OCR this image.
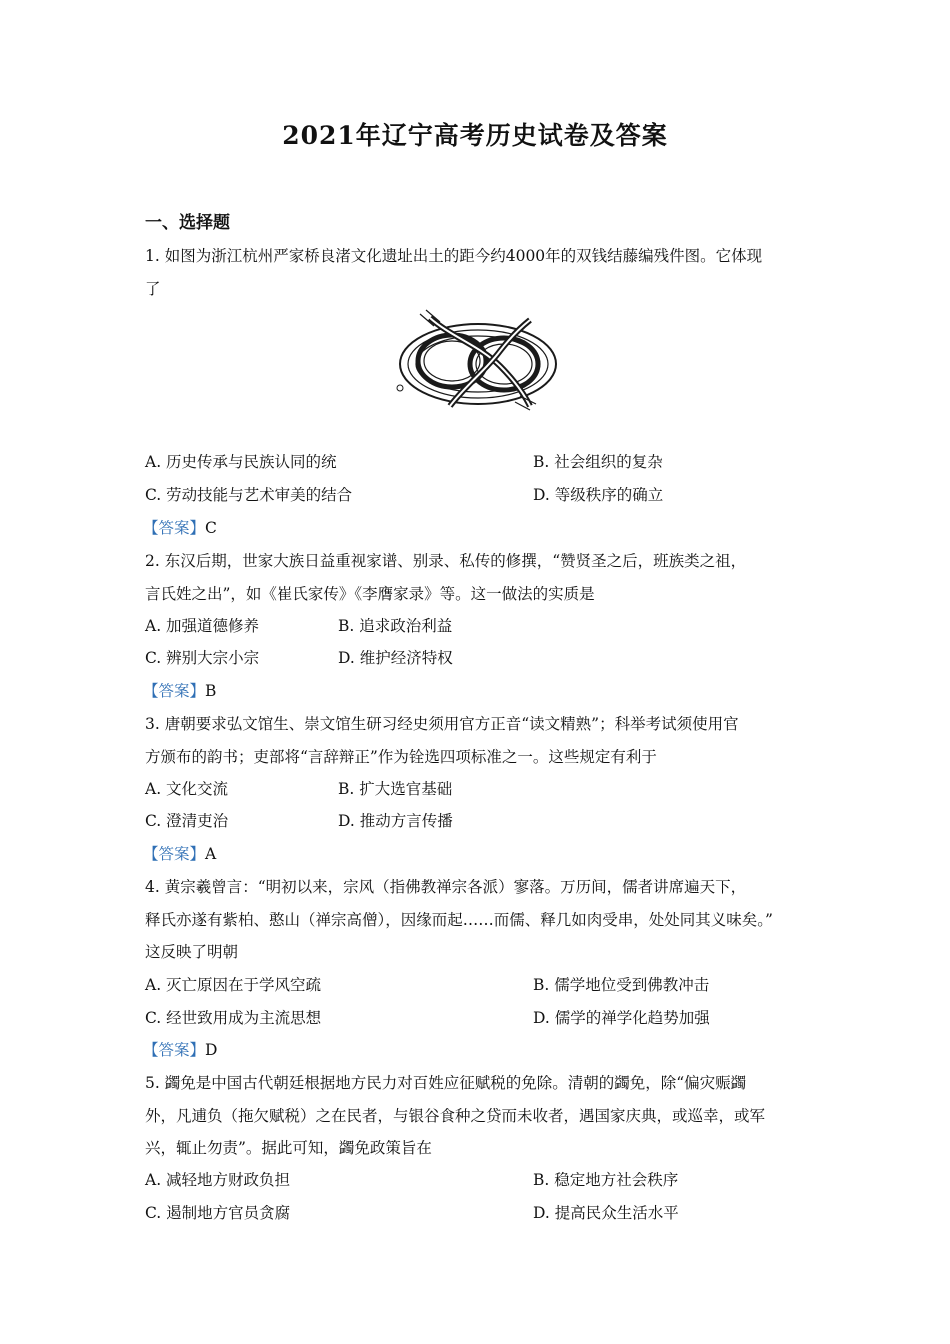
2021年辽宁高考历史试卷及答案
一、选择题
1. 如图为浙江杭州严家桥良渚文化遗址出土的距今约4000年的双钱结藤编残件图。它体现
了
A. 历史传承与民族认同的统	B. 社会组织的复杂
C. 劳动技能与艺术审美的结合	D. 等级秩序的确立
【答案】C
2. 东汉后期，世家大族日益重视家谱、别录、私传的修撰，“赞贤圣之后，班族类之祖，
言氏姓之出”，如《崔氏家传》《李膺家录》等。这一做法的实质是
A. 加强道德修养	B. 追求政治利益
C. 辨别大宗小宗	D. 维护经济特权
【答案】B
3. 唐朝要求弘文馆生、崇文馆生研习经史须用官方正音“读文精熟”；科举考试须使用官
方颁布的韵书；吏部将“言辞辩正”作为铨选四项标准之一。这些规定有利于
A. 文化交流	B. 扩大选官基础
C. 澄清吏治	D. 推动方言传播
【答案】A
4. 黄宗羲曾言：“明初以来，宗风（指佛教禅宗各派）寥落。万历间，儒者讲席遍天下，
释氏亦遂有紫柏、憨山（禅宗高僧），因缘而起……而儒、释几如肉受串，处处同其义味矣。”
这反映了明朝
A. 灭亡原因在于学风空疏	B. 儒学地位受到佛教冲击
C. 经世致用成为主流思想	D. 儒学的禅学化趋势加强
【答案】D
5. 蠲免是中国古代朝廷根据地方民力对百姓应征赋税的免除。清朝的蠲免，除“偏灾赈蠲
外，凡逋负（拖欠赋税）之在民者，与银谷食种之贷而未收者，遇国家庆典，或巡幸，或军
兴，辄止勿责”。据此可知，蠲免政策旨在
A. 减轻地方财政负担	B. 稳定地方社会秩序
C. 遏制地方官员贪腐	D. 提高民众生活水平
